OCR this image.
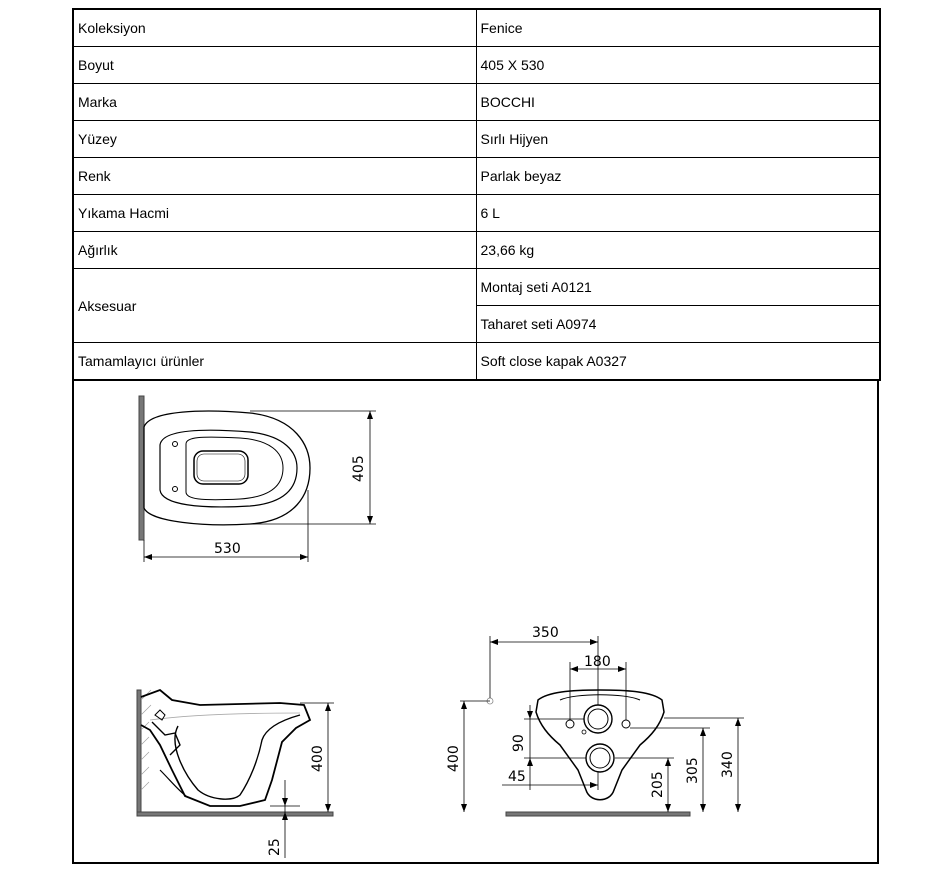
Koleksiyon	Fenice
Boyut	405 X 530
Marka	BOCCHI
Yüzey	Sırlı Hijyen
Renk	Parlak beyaz
Yıkama Hacmi	6 L
Ağırlık	23,66 kg
Aksesuar	Montaj seti A0121
	Taharet seti A0974
Tamamlayıcı ürünler	Soft close kapak A0327
530
405
400
25
350
180
400
90
45	205
305 340
